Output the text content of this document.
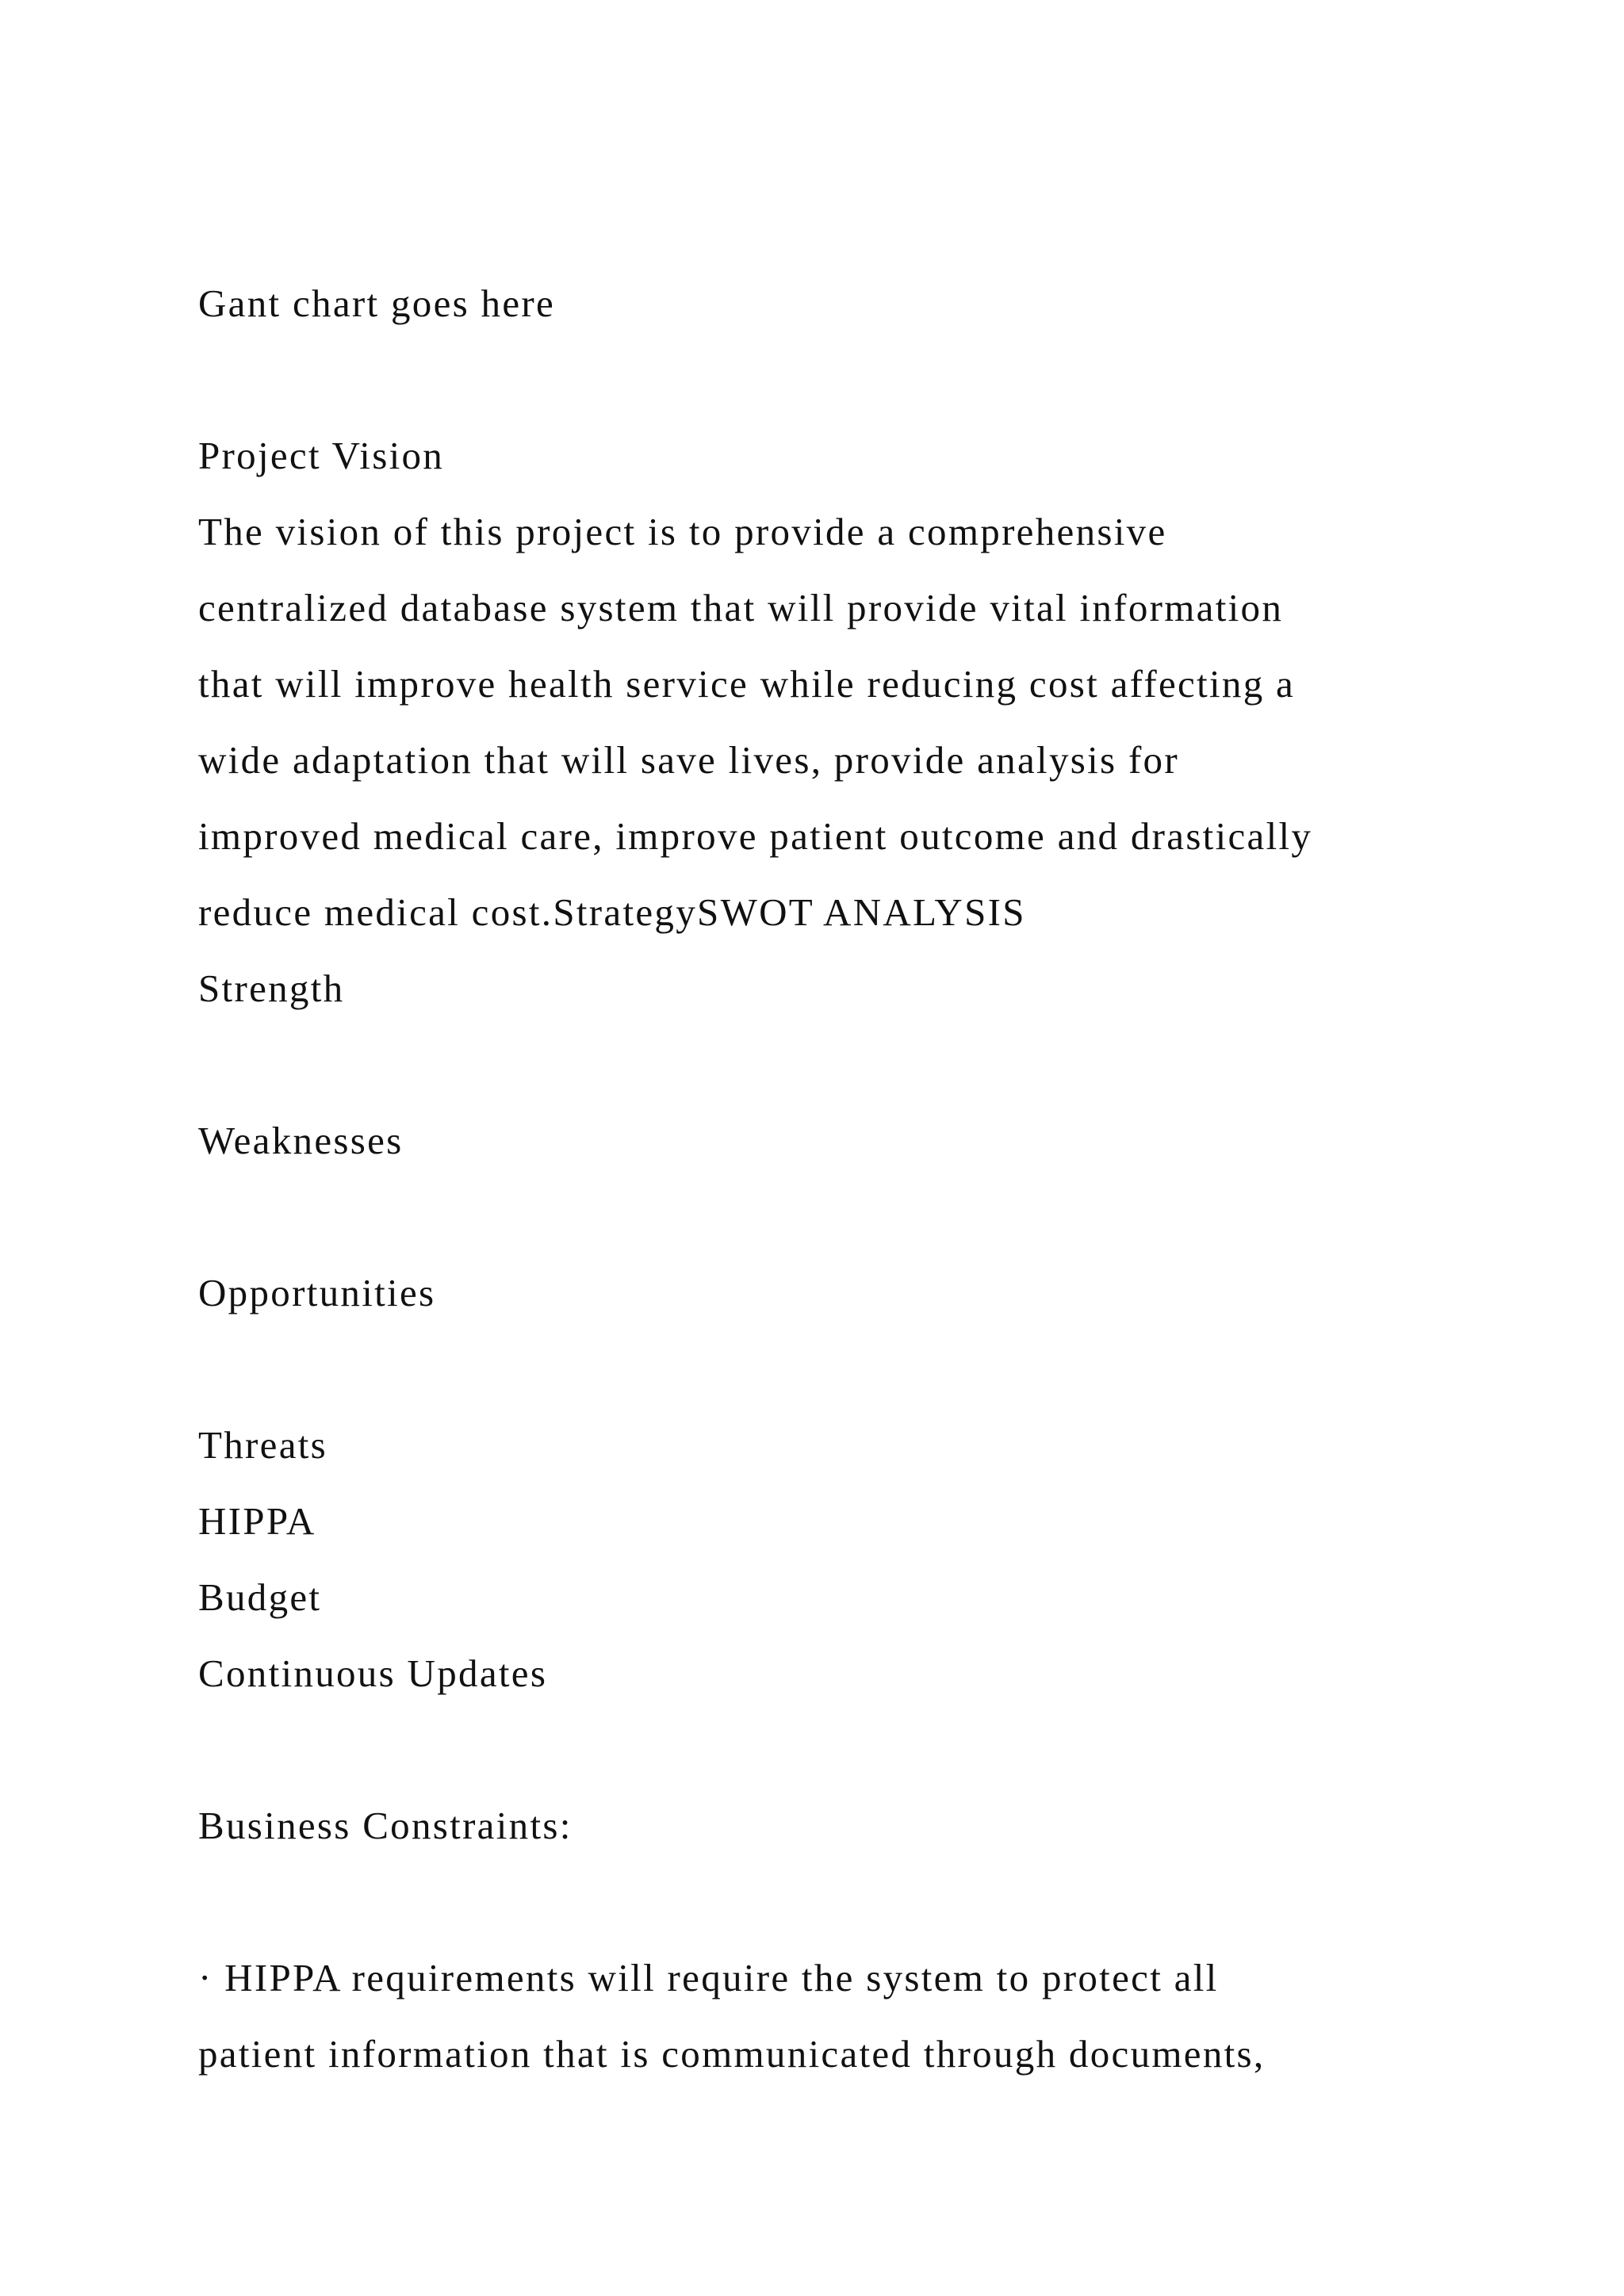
Gant chart goes here
Project Vision
The vision of this project is to provide a comprehensive
centralized database system that will provide vital information
that will improve health service while reducing cost affecting a
wide adaptation that will save lives, provide analysis for
improved medical care, improve patient outcome and drastically
reduce medical cost.StrategySWOT ANALYSIS
Strength
Weaknesses
Opportunities
Threats
HIPPA
Budget
Continuous Updates
Business Constraints:
· HIPPA requirements will require the system to protect all
patient information that is communicated through documents,
